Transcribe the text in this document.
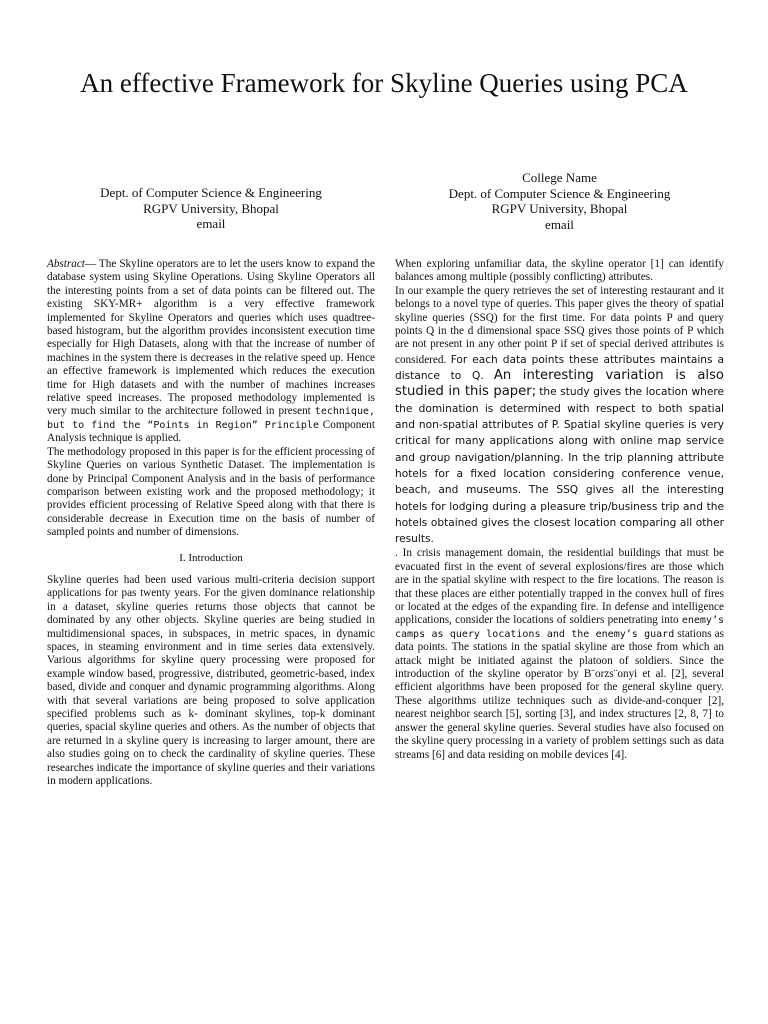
An effective Framework for Skyline Queries using PCA
Dept. of Computer Science & Engineering
RGPV University, Bhopal
email
College Name
Dept. of Computer Science & Engineering
RGPV University, Bhopal
email

Abstract— The Skyline operators are to let the users know to expand the database system using Skyline Operations. Using Skyline Operators all the interesting points from a set of data points can be filtered out. The existing SKY-MR+ algorithm is a very effective framework implemented for Skyline Operators and queries which uses quadtree-based histogram, but the algorithm provides inconsistent execution time especially for High Datasets, along with that the increase of number of machines in the system there is decreases in the relative speed up. Hence an effective framework is implemented which reduces the execution time for High datasets and with the number of machines increases relative speed increases. The proposed methodology implemented is very much similar to the architecture followed in present technique, but to find the “Points in Region” Principle Component Analysis technique is applied.

The methodology proposed in this paper is for the efficient processing of Skyline Queries on various Synthetic Dataset. The implementation is done by Principal Component Analysis and in the basis of performance comparison between existing work and the proposed methodology; it provides efficient processing of Relative Speed along with that there is considerable decrease in Execution time on the basis of number of sampled points and number of dimensions.

I. Introduction

Skyline queries had been used various multi-criteria decision support applications for pas twenty years. For the given dominance relationship in a dataset, skyline queries returns those objects that cannot be dominated by any other objects. Skyline queries are being studied in multidimensional spaces, in subspaces, in metric spaces, in dynamic spaces, in steaming environment and in time series data extensively. Various algorithms for skyline query processing were proposed for example window based, progressive, distributed, geometric-based, index based, divide and conquer and dynamic programming algorithms. Along with that several variations are being proposed to solve application specified problems such as k- dominant skylines, top-k dominant queries, spacial skyline queries and others. As the number of objects that are returned in a skyline query is increasing to larger amount, there are also studies going on to check the cardinality of skyline queries. These researches indicate the importance of skyline queries and their variations in modern applications.

When exploring unfamiliar data, the skyline operator [1] can identify balances among multiple (possibly conflicting) attributes.

In our example the query retrieves the set of interesting restaurant and it belongs to a novel type of queries. This paper gives the theory of spatial skyline queries (SSQ) for the first time. For data points P and query points Q in the d dimensional space SSQ gives those points of P which are not present in any other point P if set of special derived attributes is considered. For each data points these attributes maintains a distance to Q. An interesting variation is also studied in this paper; the study gives the location where the domination is determined with respect to both spatial and non-spatial attributes of P. Spatial skyline queries is very critical for many applications along with online map service and group navigation/planning. In the trip planning attribute hotels for a fixed location considering conference venue, beach, and museums. The SSQ gives all the interesting hotels for lodging during a pleasure trip/business trip and the hotels obtained gives the closest location comparing all other results.

. In crisis management domain, the residential buildings that must be evacuated first in the event of several explosions/fires are those which are in the spatial skyline with respect to the fire locations. The reason is that these places are either potentially trapped in the convex hull of fires or located at the edges of the expanding fire. In defense and intelligence applications, consider the locations of soldiers penetrating into enemy’s camps as query locations and the enemy’s guard stations as data points. The stations in the spatial skyline are those from which an attack might be initiated against the platoon of soldiers. Since the introduction of the skyline operator by B¨orzs¨onyi et al. [2], several efficient algorithms have been proposed for the general skyline query. These algorithms utilize techniques such as divide-and-conquer [2], nearest neighbor search [5], sorting [3], and index structures [2, 8, 7] to answer the general skyline queries. Several studies have also focused on the skyline query processing in a variety of problem settings such as data streams [6] and data residing on mobile devices [4].
